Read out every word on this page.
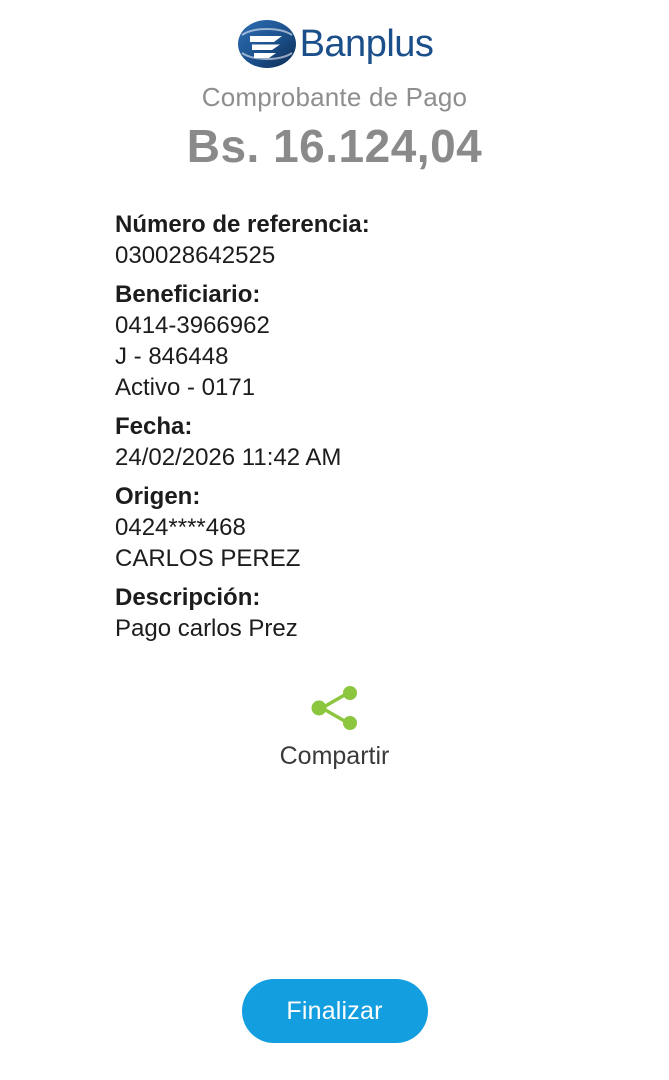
Banplus
Comprobante de Pago
Bs. 16.124,04
Número de referencia:
030028642525
Beneficiario:
0414-3966962
J - 846448
Activo - 0171
Fecha:
24/02/2026 11:42 AM
Origen:
0424****468
CARLOS PEREZ
Descripción:
Pago carlos Prez
Compartir
Finalizar
